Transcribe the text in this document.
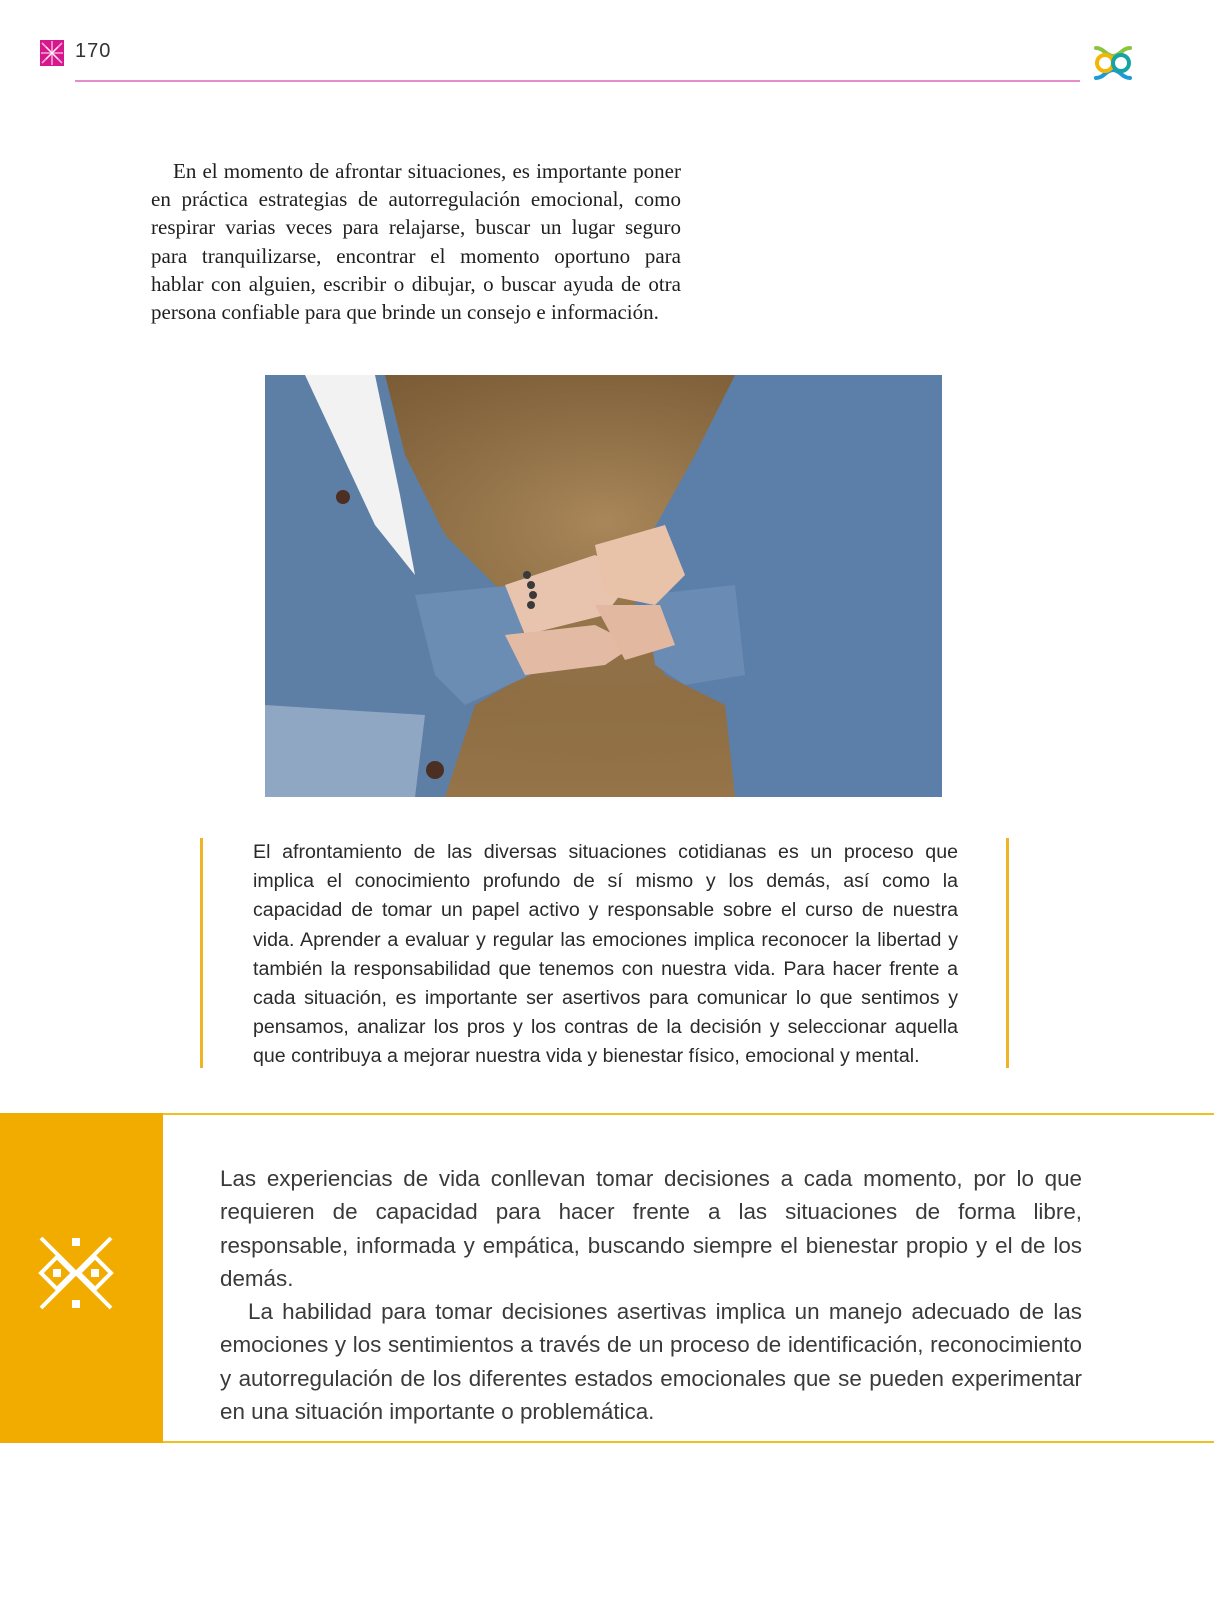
170

En el momento de afrontar situaciones, es importante poner en práctica estrategias de autorregulación emocional, como respirar varias veces para relajarse, buscar un lugar seguro para tranquilizarse, encontrar el momento oportuno para hablar con alguien, escribir o dibujar, o buscar ayuda de otra persona confiable para que brinde un consejo e información.

El afrontamiento de las diversas situaciones cotidianas es un proceso que implica el conocimiento profundo de sí mismo y los demás, así como la capacidad de tomar un papel activo y responsable sobre el curso de nuestra vida. Aprender a evaluar y regular las emociones implica reconocer la libertad y también la responsabilidad que tenemos con nuestra vida. Para hacer frente a cada situación, es importante ser asertivos para comunicar lo que sentimos y pensamos, analizar los pros y los contras de la decisión y seleccionar aquella que contribuya a mejorar nuestra vida y bienestar físico, emocional y mental.

Las experiencias de vida conllevan tomar decisiones a cada momento, por lo que requieren de capacidad para hacer frente a las situaciones de forma libre, responsable, informada y empática, buscando siempre el bienestar propio y el de los demás.

La habilidad para tomar decisiones asertivas implica un manejo adecuado de las emociones y los sentimientos a través de un proceso de identificación, reconocimiento y autorregulación de los diferentes estados emocionales que se pueden experimentar en una situación importante o problemática.
